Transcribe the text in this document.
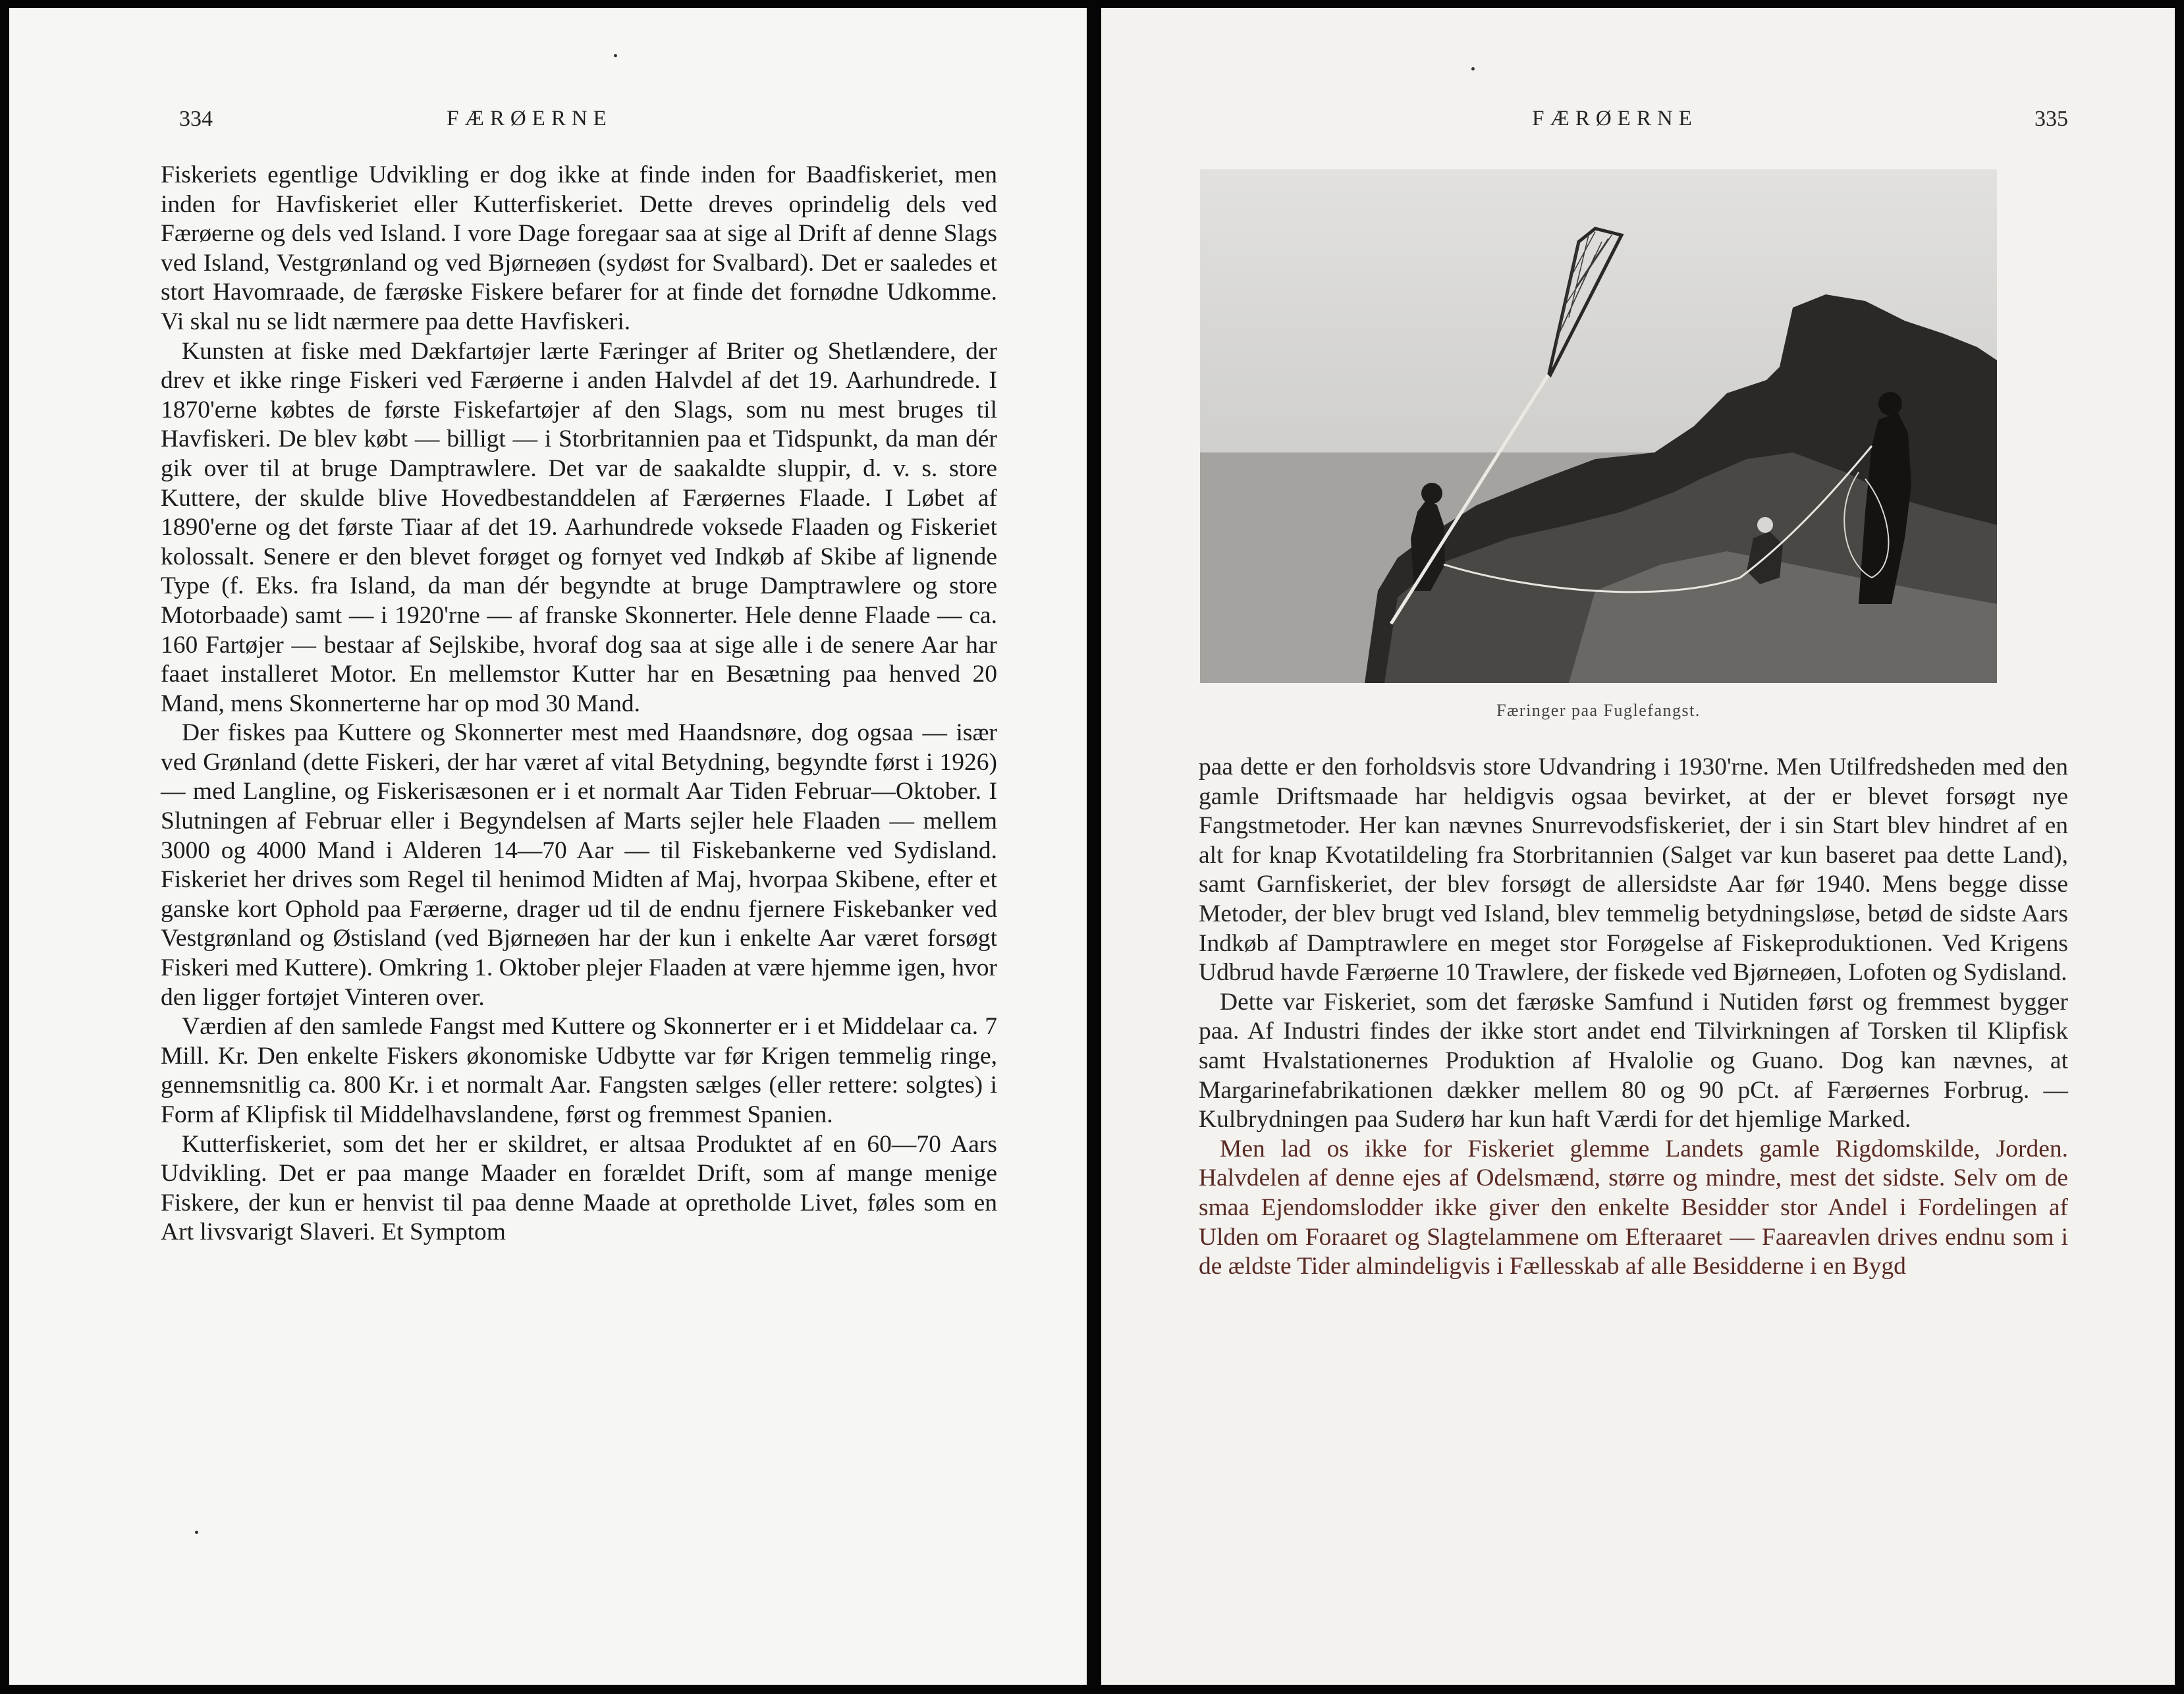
334	FÆRØERNE

Fiskeriets egentlige Udvikling er dog ikke at finde inden for Baadfiskeriet, men inden for Havfiskeriet eller Kutterfiskeriet. Dette dreves oprindelig dels ved Færøerne og dels ved Island. I vore Dage foregaar saa at sige al Drift af denne Slags ved Island, Vestgrønland og ved Bjørneøen (sydøst for Svalbard). Det er saaledes et stort Havomraade, de færøske Fiskere befarer for at finde det fornødne Udkomme. Vi skal nu se lidt nærmere paa dette Havfiskeri.

Kunsten at fiske med Dækfartøjer lærte Færinger af Briter og Shetlændere, der drev et ikke ringe Fiskeri ved Færøerne i anden Halvdel af det 19. Aarhundrede. I 1870'erne købtes de første Fiskefartøjer af den Slags, som nu mest bruges til Havfiskeri. De blev købt — billigt — i Storbritannien paa et Tidspunkt, da man dér gik over til at bruge Damptrawlere. Det var de saakaldte sluppir, d. v. s. store Kuttere, der skulde blive Hovedbestanddelen af Færøernes Flaade. I Løbet af 1890'erne og det første Tiaar af det 19. Aarhundrede voksede Flaaden og Fiskeriet kolossalt. Senere er den blevet forøget og fornyet ved Indkøb af Skibe af lignende Type (f. Eks. fra Island, da man dér begyndte at bruge Damptrawlere og store Motorbaade) samt — i 1920'rne — af franske Skonnerter. Hele denne Flaade — ca. 160 Fartøjer — bestaar af Sejlskibe, hvoraf dog saa at sige alle i de senere Aar har faaet installeret Motor. En mellemstor Kutter har en Besætning paa henved 20 Mand, mens Skonnerterne har op mod 30 Mand.

Der fiskes paa Kuttere og Skonnerter mest med Haandsnøre, dog ogsaa — især ved Grønland (dette Fiskeri, der har været af vital Betydning, begyndte først i 1926) — med Langline, og Fiskerisæsonen er i et normalt Aar Tiden Februar—Oktober. I Slutningen af Februar eller i Begyndelsen af Marts sejler hele Flaaden — mellem 3000 og 4000 Mand i Alderen 14—70 Aar — til Fiskebankerne ved Sydisland. Fiskeriet her drives som Regel til henimod Midten af Maj, hvorpaa Skibene, efter et ganske kort Ophold paa Færøerne, drager ud til de endnu fjernere Fiskebanker ved Vestgrønland og Østisland (ved Bjørneøen har der kun i enkelte Aar været forsøgt Fiskeri med Kuttere). Omkring 1. Oktober plejer Flaaden at være hjemme igen, hvor den ligger fortøjet Vinteren over.

Værdien af den samlede Fangst med Kuttere og Skonnerter er i et Middelaar ca. 7 Mill. Kr. Den enkelte Fiskers økonomiske Udbytte var før Krigen temmelig ringe, gennemsnitlig ca. 800 Kr. i et normalt Aar. Fangsten sælges (eller rettere: solgtes) i Form af Klipfisk til Middelhavslandene, først og fremmest Spanien.

Kutterfiskeriet, som det her er skildret, er altsaa Produktet af en 60—70 Aars Udvikling. Det er paa mange Maader en forældet Drift, som af mange menige Fiskere, der kun er henvist til paa denne Maade at opretholde Livet, føles som en Art livsvarigt Slaveri. Et Symptom

FÆRØERNE	335
Færinger paa Fuglefangst.

paa dette er den forholdsvis store Udvandring i 1930'rne. Men Utilfredsheden med den gamle Driftsmaade har heldigvis ogsaa bevirket, at der er blevet forsøgt nye Fangstmetoder. Her kan nævnes Snurrevodsfiskeriet, der i sin Start blev hindret af en alt for knap Kvotatildeling fra Storbritannien (Salget var kun baseret paa dette Land), samt Garnfiskeriet, der blev forsøgt de allersidste Aar før 1940. Mens begge disse Metoder, der blev brugt ved Island, blev temmelig betydningsløse, betød de sidste Aars Indkøb af Damptrawlere en meget stor Forøgelse af Fiskeproduktionen. Ved Krigens Udbrud havde Færøerne 10 Trawlere, der fiskede ved Bjørneøen, Lofoten og Sydisland.

Dette var Fiskeriet, som det færøske Samfund i Nutiden først og fremmest bygger paa. Af Industri findes der ikke stort andet end Tilvirkningen af Torsken til Klipfisk samt Hvalstationernes Produktion af Hvalolie og Guano. Dog kan nævnes, at Margarinefabrikationen dækker mellem 80 og 90 pCt. af Færøernes Forbrug. — Kulbrydningen paa Suderø har kun haft Værdi for det hjemlige Marked.

Men lad os ikke for Fiskeriet glemme Landets gamle Rigdomskilde, Jorden. Halvdelen af denne ejes af Odelsmænd, større og mindre, mest det sidste. Selv om de smaa Ejendomslodder ikke giver den enkelte Besidder stor Andel i Fordelingen af Ulden om Foraaret og Slagtelammene om Efteraaret — Faareavlen drives endnu som i de ældste Tider almindeligvis i Fællesskab af alle Besidderne i en Bygd
